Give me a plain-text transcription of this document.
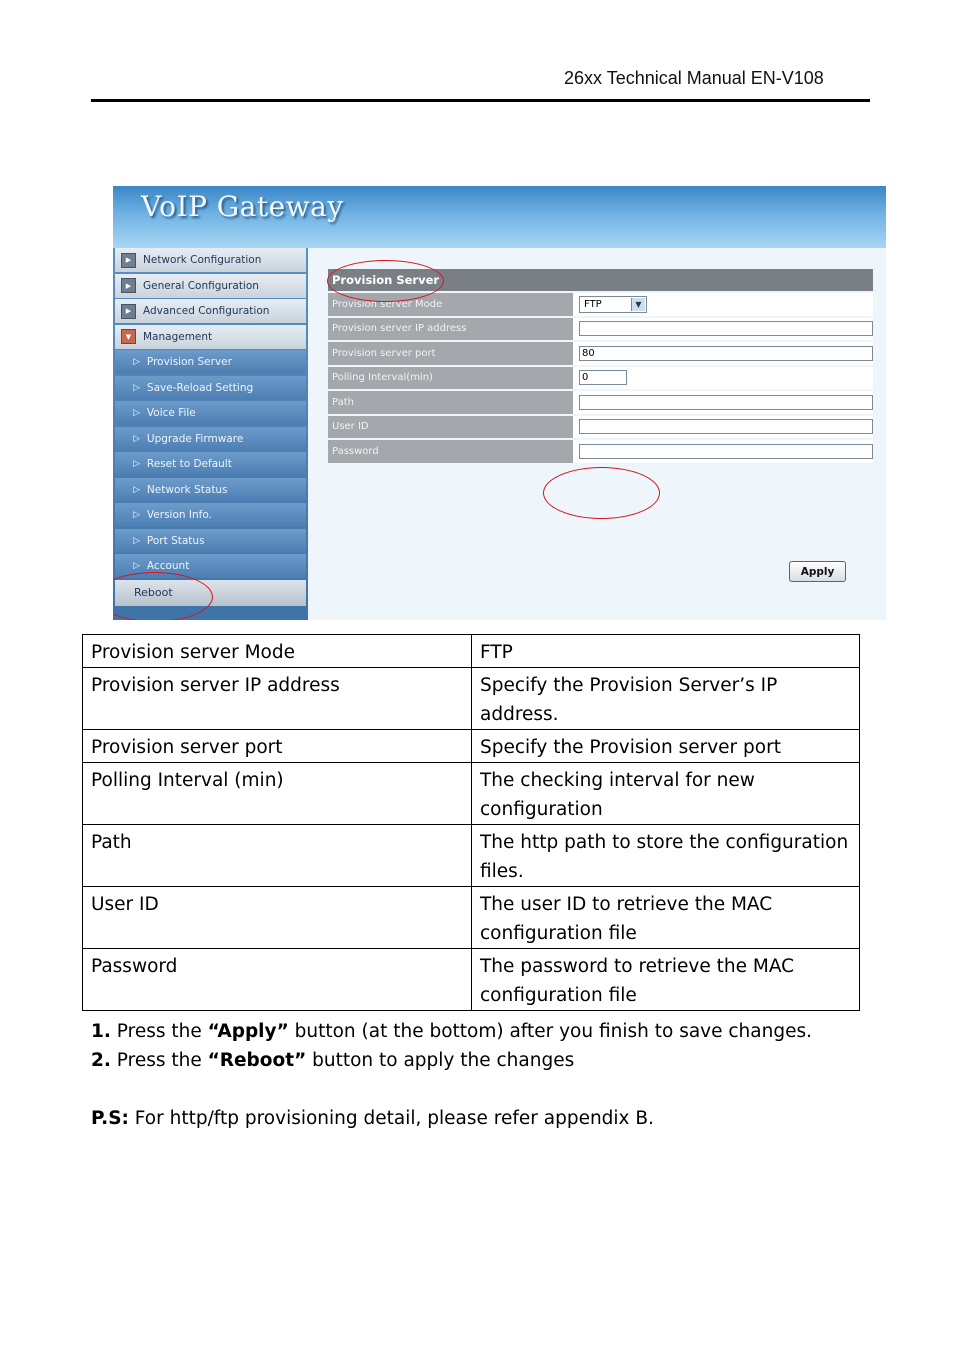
26xx Technical Manual EN-V108
VoIP Gateway
▶	Network Configuration
▶	General Configuration
▶	Advanced Configuration
▼	Management
▷ Provision Server
▷ Save-Reload Setting
▷ Voice File
▷ Upgrade Firmware
▷ Reset to Default
▷ Network Status
▷ Version Info.
▷ Port Status
▷ Account
Reboot
Provision Server
Provision server Mode	FTP	▼
Provision server IP address
Provision server port	80
Polling Interval(min)	0
Path
User ID
Password
Apply
Provision server Mode	FTP
Provision server IP address	Specify the Provision Server’s IP address.
Provision server port	Specify the Provision server port
Polling Interval (min)	The checking interval for new configuration
Path	The http path to store the configuration files.
User ID	The user ID to retrieve the MAC configuration file
Password	The password to retrieve the MAC configuration file

1. Press the “Apply” button (at the bottom) after you finish to save changes.

2. Press the “Reboot” button to apply the changes

P.S: For http/ftp provisioning detail, please refer appendix B.
